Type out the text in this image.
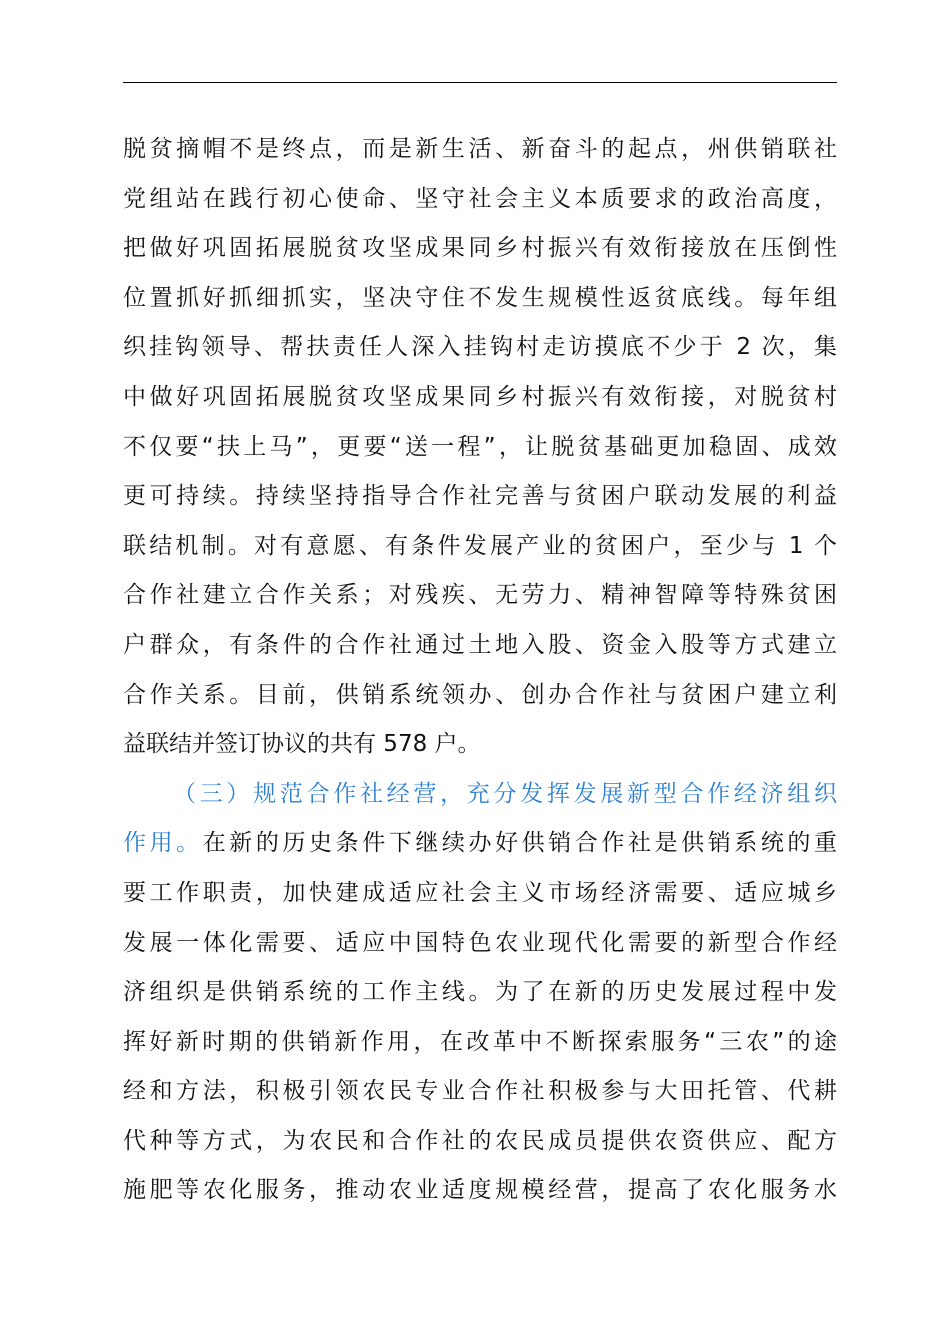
脱贫摘帽不是终点，而是新生活、新奋斗的起点，州供销联社
党组站在践行初心使命、坚守社会主义本质要求的政治高度，
把做好巩固拓展脱贫攻坚成果同乡村振兴有效衔接放在压倒性
位置抓好抓细抓实，坚决守住不发生规模性返贫底线。每年组
织挂钩领导、帮扶责任人深入挂钩村走访摸底不少于 2 次，集
中做好巩固拓展脱贫攻坚成果同乡村振兴有效衔接，对脱贫村
不仅要“扶上马”，更要“送一程”，让脱贫基础更加稳固、成效
更可持续。持续坚持指导合作社完善与贫困户联动发展的利益
联结机制。对有意愿、有条件发展产业的贫困户，至少与 1 个
合作社建立合作关系；对残疾、无劳力、精神智障等特殊贫困
户群众，有条件的合作社通过土地入股、资金入股等方式建立
合作关系。目前，供销系统领办、创办合作社与贫困户建立利
益联结并签订协议的共有 578 户。
（三）规范合作社经营，充分发挥发展新型合作经济组织
作用。在新的历史条件下继续办好供销合作社是供销系统的重
要工作职责，加快建成适应社会主义市场经济需要、适应城乡
发展一体化需要、适应中国特色农业现代化需要的新型合作经
济组织是供销系统的工作主线。为了在新的历史发展过程中发
挥好新时期的供销新作用，在改革中不断探索服务“三农”的途
经和方法，积极引领农民专业合作社积极参与大田托管、代耕
代种等方式，为农民和合作社的农民成员提供农资供应、配方
施肥等农化服务，推动农业适度规模经营，提高了农化服务水
